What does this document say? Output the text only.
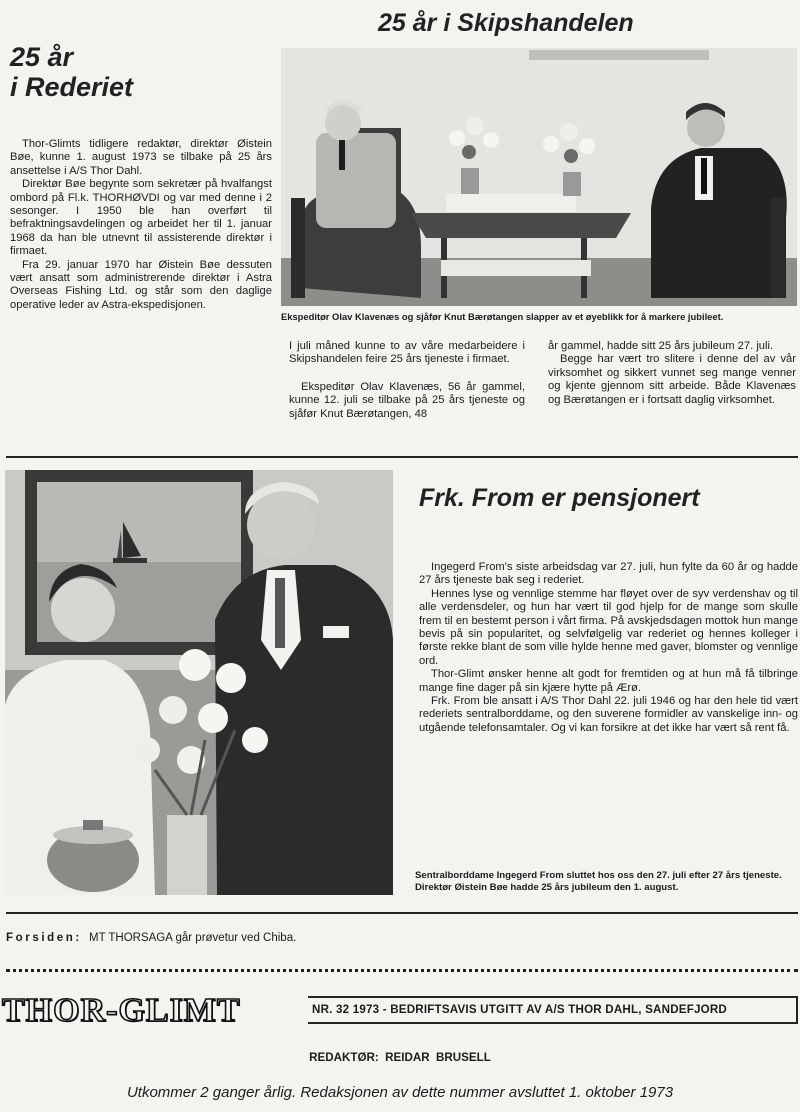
25 år
i Rederiet

Thor-Glimts tidligere redaktør, direktør Øistein Bøe, kunne 1. august 1973 se tilbake på 25 års ansettelse i A/S Thor Dahl.

Direktør Bøe begynte som sekretær på hvalfangst ombord på Fl.k. THORHØVDI og var med denne i 2 sesonger. I 1950 ble han overført til befraktningsavdelingen og arbeidet her til 1. januar 1968 da han ble utnevnt til assisterende direktør i firmaet.

Fra 29. januar 1970 har Øistein Bøe dessuten vært ansatt som administrerende direktør i Astra Overseas Fishing Ltd. og står som den daglige operative leder av Astra-ekspedisjonen.

25 år i Skipshandelen
Ekspeditør Olav Klavenæs og sjåfør Knut Bærøtangen slapper av et øyeblikk for å markere jubileet.

I juli måned kunne to av våre medarbeidere i Skipshandelen feire 25 års tjeneste i firmaet.

Ekspeditør Olav Klavenæs, 56 år gammel, kunne 12. juli se tilbake på 25 års tjeneste og sjåfør Knut Bærøtangen, 48

år gammel, hadde sitt 25 års jubileum 27. juli.

Begge har vært tro slitere i denne del av vår virksomhet og sikkert vunnet seg mange venner og kjente gjennom sitt arbeide. Både Klavenæs og Bærøtangen er i fortsatt daglig virksomhet.

Frk. From er pensjonert

Ingegerd From's siste arbeidsdag var 27. juli, hun fylte da 60 år og hadde 27 års tjeneste bak seg i rederiet.

Hennes lyse og vennlige stemme har fløyet over de syv verdenshav og til alle verdensdeler, og hun har vært til god hjelp for de mange som skulle frem til en bestemt person i vårt firma. På avskjedsdagen mottok hun mange bevis på sin popularitet, og selvfølgelig var rederiet og hennes kolleger i første rekke blant de som ville hylde henne med gaver, blomster og vennlige ord.

Thor-Glimt ønsker henne alt godt for fremtiden og at hun må få tilbringe mange fine dager på sin kjære hytte på Ærø.

Frk. From ble ansatt i A/S Thor Dahl 22. juli 1946 og har den hele tid vært rederiets sentralborddame, og den suverene formidler av vanskelige inn- og utgående telefonsamtaler. Og vi kan forsikre at det ikke har vært så rent få.

Sentralborddame Ingegerd From sluttet hos oss den 27. juli efter 27 års tjeneste. Direktør Øistein Bøe hadde 25 års jubileum den 1. august.
Forsiden: MT THORSAGA går prøvetur ved Chiba.
THOR-GLIMT	NR. 32 1973 - BEDRIFTSAVIS UTGITT AV A/S THOR DAHL, SANDEFJORD
REDAKTØR:  REIDAR  BRUSELL
Utkommer 2 ganger årlig. Redaksjonen av dette nummer avsluttet 1. oktober 1973
